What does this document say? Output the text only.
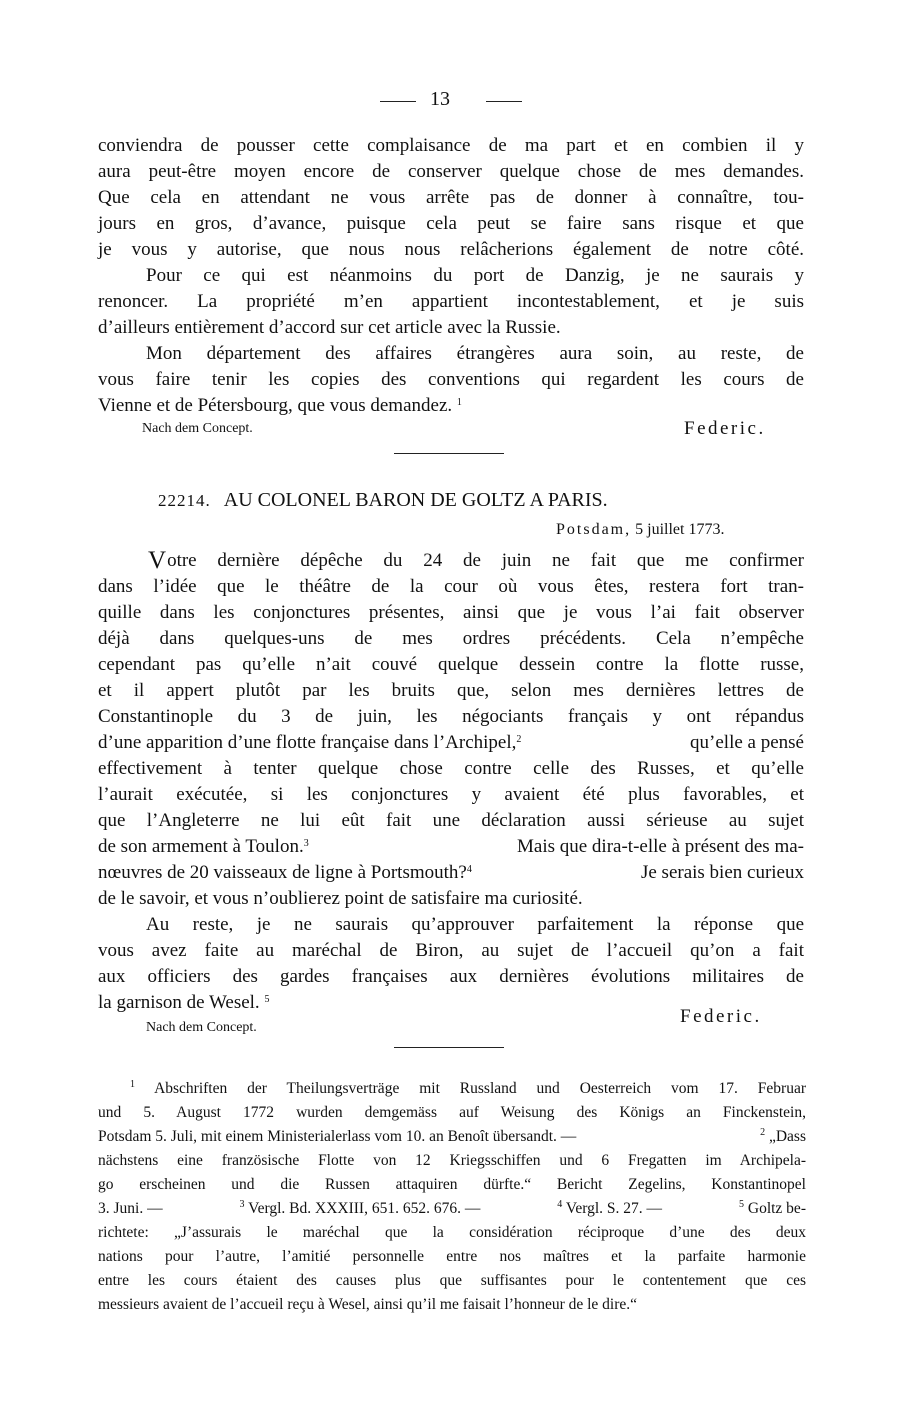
13
conviendra de pousser cette complaisance de ma part et en combien il y
aura peut-être moyen encore de conserver quelque chose de mes demandes.
Que cela en attendant ne vous arrête pas de donner à connaître, tou-
jours en gros, d’avance, puisque cela peut se faire sans risque et que
je vous y autorise, que nous nous relâcherions également de notre côté.
Pour ce qui est néanmoins du port de Danzig, je ne saurais y
renoncer. La propriété m’en appartient incontestablement, et je suis
d’ailleurs entièrement d’accord sur cet article avec la Russie.
Mon département des affaires étrangères aura soin, au reste, de
vous faire tenir les copies des conventions qui regardent les cours de
Vienne et de Pétersbourg, que vous demandez. $^1$
Nach dem Concept.	Federic.
22214. AU COLONEL BARON DE GOLTZ A PARIS.
Potsdam, 5 juillet 1773.
V otre dernière dépêche du 24 de juin ne fait que me confirmer
dans l’idée que le théâtre de la cour où vous êtes, restera fort tran-
quille dans les conjonctures présentes, ainsi que je vous l’ai fait observer
déjà dans quelques-uns de mes ordres précédents. Cela n’empêche
cependant pas qu’elle n’ait couvé quelque dessein contre la flotte russe,
et il appert plutôt par les bruits que, selon mes dernières lettres de
Constantinople du 3 de juin, les négociants français y ont répandus
d’une apparition d’une flotte française dans l’Archipel,$^2$	qu’elle a pensé
effectivement à tenter quelque chose contre celle des Russes, et qu’elle
l’aurait exécutée, si les conjonctures y avaient été plus favorables, et
que l’Angleterre ne lui eût fait une déclaration aussi sérieuse au sujet
de son armement à Toulon.$^3$	Mais que dira-t-elle à présent des ma-
nœuvres de 20 vaisseaux de ligne à Portsmouth?$^4$	Je serais bien curieux
de le savoir, et vous n’oublierez point de satisfaire ma curiosité.
Au reste, je ne saurais qu’approuver parfaitement la réponse que
vous avez faite au maréchal de Biron, au sujet de l’accueil qu’on a fait
aux officiers des gardes françaises aux dernières évolutions militaires de
la garnison de Wesel. $^5$
Federic.
Nach dem Concept.
$^1$ Abschriften der Theilungsverträge mit Russland und Oesterreich vom 17. Februar
und 5. August 1772 wurden demgemäss auf Weisung des Königs an Finckenstein,
Potsdam 5. Juli, mit einem Ministerialerlass vom 10. an Benoît übersandt. —	$^2$ „Dass
nächstens eine französische Flotte von 12 Kriegsschiffen und 6 Fregatten im Archipela-
go erscheinen und die Russen attaquiren dürfte.“ Bericht Zegelins, Konstantinopel
3. Juni. —	$^3$ Vergl. Bd. XXXIII, 651. 652. 676. —	$^4$ Vergl. S. 27. —	$^5$ Goltz be-
richtete: „J’assurais le maréchal que la considération réciproque d’une des deux
nations pour l’autre, l’amitié personnelle entre nos maîtres et la parfaite harmonie
entre les cours étaient des causes plus que suffisantes pour le contentement que ces
messieurs avaient de l’accueil reçu à Wesel, ainsi qu’il me faisait l’honneur de le dire.“
